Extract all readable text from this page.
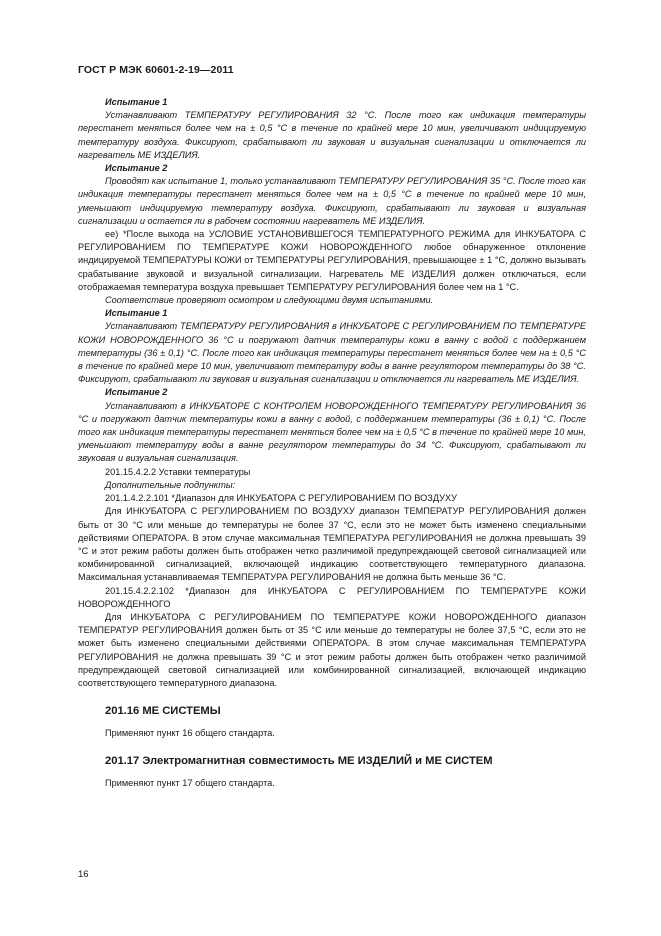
ГОСТ Р МЭК 60601-2-19—2011

Испытание 1

Устанавливают ТЕМПЕРАТУРУ РЕГУЛИРОВАНИЯ 32 °С. После того как индикация температуры перестанет меняться более чем на ± 0,5 °С в течение по крайней мере 10 мин, увеличивают индицируемую температуру воздуха. Фиксируют, срабатывают ли звуковая и визуальная сигнализации и отключается ли нагреватель МЕ ИЗДЕЛИЯ.

Испытание 2

Проводят как испытание 1, только устанавливают ТЕМПЕРАТУРУ РЕГУЛИРОВАНИЯ 35 °С. После того как индикация температуры перестанет меняться более чем на ± 0,5 °С в течение по крайней мере 10 мин, уменьшают индицируемую температуру воздуха. Фиксируют, срабатывают ли звуковая и визуальная сигнализации и остается ли в рабочем состоянии нагреватель МЕ ИЗДЕЛИЯ.

ее) *После выхода на УСЛОВИЕ УСТАНОВИВШЕГОСЯ ТЕМПЕРАТУРНОГО РЕЖИМА для ИНКУБАТОРА С РЕГУЛИРОВАНИЕМ ПО ТЕМПЕРАТУРЕ КОЖИ НОВОРОЖДЕННОГО любое обнаруженное отклонение индицируемой ТЕМПЕРАТУРЫ КОЖИ от ТЕМПЕРАТУРЫ РЕГУЛИРОВАНИЯ, превышающее ± 1 °С, должно вызывать срабатывание звуковой и визуальной сигнализации. Нагреватель МЕ ИЗДЕЛИЯ должен отключаться, если отображаемая температура воздуха превышает ТЕМПЕРАТУРУ РЕГУЛИРОВАНИЯ более чем на 1 °С.

Соответствие проверяют осмотром и следующими двумя испытаниями.

Испытание 1

Устанавливают ТЕМПЕРАТУРУ РЕГУЛИРОВАНИЯ в ИНКУБАТОРЕ С РЕГУЛИРОВАНИЕМ ПО ТЕМПЕРАТУРЕ КОЖИ НОВОРОЖДЕННОГО 36 °С и погружают датчик температуры кожи в ванну с водой с поддержанием температуры (36 ± 0,1) °С. После того как индикация температуры перестанет меняться более чем на ± 0,5 °С в течение по крайней мере 10 мин, увеличивают температуру воды в ванне регулятором температуры до 38 °С. Фиксируют, срабатывают ли звуковая и визуальная сигнализации и отключается ли нагреватель МЕ ИЗДЕЛИЯ.

Испытание 2

Устанавливают в ИНКУБАТОРЕ С КОНТРОЛЕМ НОВОРОЖДЕННОГО ТЕМПЕРАТУРУ РЕГУЛИРОВАНИЯ 36 °С и погружают датчик температуры кожи в ванну с водой, с поддержанием температуры (36 ± 0,1) °С. После того как индикация температуры перестанет меняться более чем на ± 0,5 °С в течение по крайней мере 10 мин, уменьшают температуру воды в ванне регулятором температуры до 34 °С. Фиксируют, срабатывают ли звуковая и визуальная сигнализация.

201.15.4.2.2 Уставки температуры

Дополнительные подпункты:

201.1.4.2.2.101 *Диапазон для ИНКУБАТОРА С РЕГУЛИРОВАНИЕМ ПО ВОЗДУХУ

Для ИНКУБАТОРА С РЕГУЛИРОВАНИЕМ ПО ВОЗДУХУ диапазон ТЕМПЕРАТУР РЕГУЛИРОВАНИЯ должен быть от 30 °С или меньше до температуры не более 37 °С, если это не может быть изменено специальными действиями ОПЕРАТОРА. В этом случае максимальная ТЕМПЕРАТУРА РЕГУЛИРОВАНИЯ не должна превышать 39 °С и этот режим работы должен быть отображен четко различимой предупреждающей световой сигнализацией или комбинированной сигнализацией, включающей индикацию соответствующего температурного диапазона. Максимальная устанавливаемая ТЕМПЕРАТУРА РЕГУЛИРОВАНИЯ не должна быть меньше 36 °С.

201.15.4.2.2.102 *Диапазон для ИНКУБАТОРА С РЕГУЛИРОВАНИЕМ ПО ТЕМПЕРАТУРЕ КОЖИ НОВОРОЖДЕННОГО

Для ИНКУБАТОРА С РЕГУЛИРОВАНИЕМ ПО ТЕМПЕРАТУРЕ КОЖИ НОВОРОЖДЕННОГО диапазон ТЕМПЕРАТУР РЕГУЛИРОВАНИЯ должен быть от 35 °С или меньше до температуры не более 37,5 °С, если это не может быть изменено специальными действиями ОПЕРАТОРА. В этом случае максимальная ТЕМПЕРАТУРА РЕГУЛИРОВАНИЯ не должна превышать 39 °С и этот режим работы должен быть отображен четко различимой предупреждающей световой сигнализацией или комбинированной сигнализацией, включающей индикацию соответствующего температурного диапазона.

201.16 МЕ СИСТЕМЫ

Применяют пункт 16 общего стандарта.

201.17 Электромагнитная совместимость МЕ ИЗДЕЛИЙ и МЕ СИСТЕМ

Применяют пункт 17 общего стандарта.

16
